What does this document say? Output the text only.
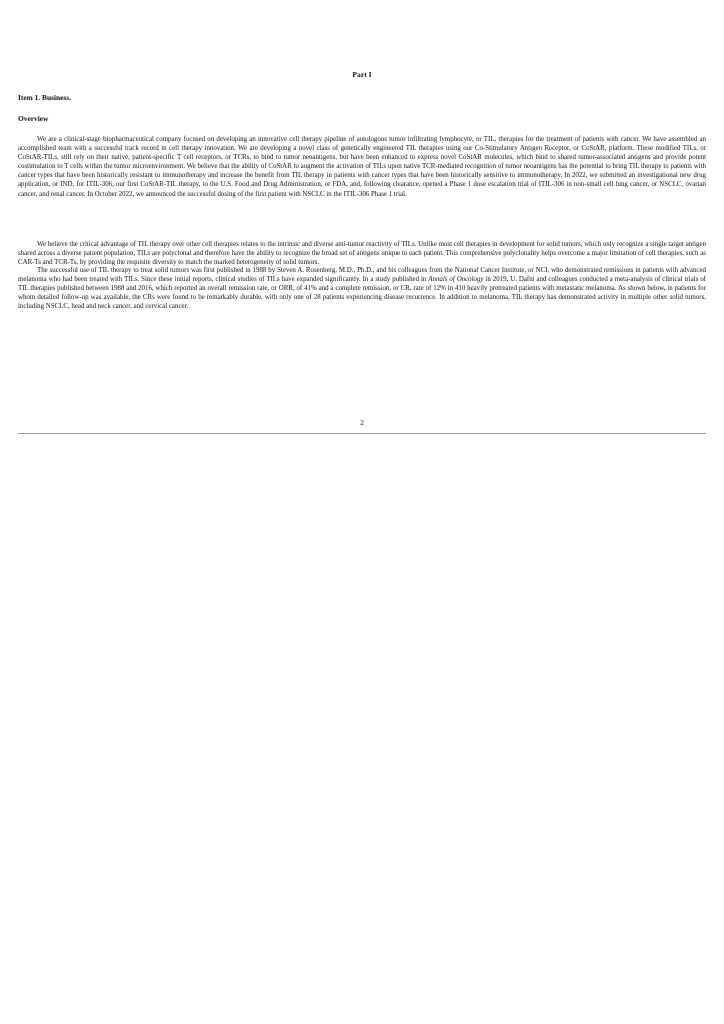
Part I
Item 1. Business.
Overview

We are a clinical-stage biopharmaceutical company focused on developing an innovative cell therapy pipeline of autologous tumor infiltrating lymphocyte, or TIL, therapies for the treatment of patients with cancer. We have assembled an accomplished team with a successful track record in cell therapy innovation. We are developing a novel class of genetically engineered TIL therapies using our Co-Stimulatory Antigen Receptor, or CoStAR, platform. These modified TILs, or CoStAR-TILs, still rely on their native, patient-specific T cell receptors, or TCRs, to bind to tumor neoantigens, but have been enhanced to express novel CoStAR molecules, which bind to shared tumor-associated antigens and provide potent costimulation to T cells within the tumor microenvironment. We believe that the ability of CoStAR to augment the activation of TILs upon native TCR-mediated recognition of tumor neoantigens has the potential to bring TIL therapy to patients with cancer types that have been historically resistant to immunotherapy and increase the benefit from TIL therapy in patients with cancer types that have been historically sensitive to immunotherapy. In 2022, we submitted an investigational new drug application, or IND, for ITIL-306, our first CoStAR-TIL therapy, to the U.S. Food and Drug Administration, or FDA, and, following clearance, opened a Phase 1 dose escalation trial of ITIL-306 in non-small cell lung cancer, or NSCLC, ovarian cancer, and renal cancer. In October 2022, we announced the successful dosing of the first patient with NSCLC in the ITIL-306 Phase 1 trial.

We believe the critical advantage of TIL therapy over other cell therapies relates to the intrinsic and diverse anti-tumor reactivity of TILs. Unlike most cell therapies in development for solid tumors, which only recognize a single target antigen shared across a diverse patient population, TILs are polyclonal and therefore have the ability to recognize the broad set of antigens unique to each patient. This comprehensive polyclonality helps overcome a major limitation of cell therapies, such as CAR-Ts and TCR-Ts, by providing the requisite diversity to match the marked heterogeneity of solid tumors.

The successful use of TIL therapy to treat solid tumors was first published in 1988 by Steven A. Rosenberg, M.D., Ph.D., and his colleagues from the National Cancer Institute, or NCI, who demonstrated remissions in patients with advanced melanoma who had been treated with TILs. Since these initial reports, clinical studies of TILs have expanded significantly. In a study published in Annals of Oncology in 2019, U. Dafni and colleagues conducted a meta-analysis of clinical trials of TIL therapies published between 1988 and 2016, which reported an overall remission rate, or ORR, of 41% and a complete remission, or CR, rate of 12% in 410 heavily pretreated patients with metastatic melanoma. As shown below, in patients for whom detailed follow-up was available, the CRs were found to be remarkably durable, with only one of 28 patients experiencing disease recurrence. In addition to melanoma, TIL therapy has demonstrated activity in multiple other solid tumors, including NSCLC, head and neck cancer, and cervical cancer.

2
